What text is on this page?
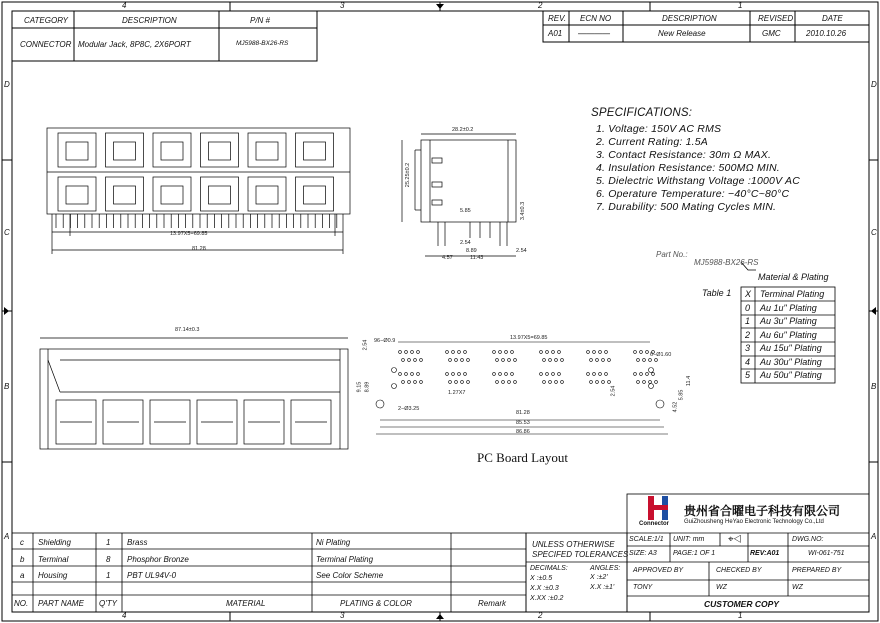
4	3	2	1
4	3	2	1
D
C
B
A
D
C
B
A
CATEGORY	DESCRIPTION	P/N #
CONNECTOR Modular Jack, 8P8C, 2X6PORT	MJ5988-BX26-RS
REV. ECN NO	DESCRIPTION	REVISED	DATE
A01 ————	New Release	GMC	2010.10.26
SPECIFICATIONS:
1. Voltage: 150V AC RMS
2. Current Rating: 1.5A
3. Contact Resistance: 30m Ω MAX.
4. Insulation Resistance: 500MΩ MIN.
5. Dielectric Withstang Voltage :1000V AC
6. Operature Temperature: −40°C~80°C
7. Durability: 500 Mating Cycles MIN.
Part No.:
MJ5988-BX26-RS
Material & Plating
Table 1 X Terminal Plating
0 Au 1u" Plating
1 Au 3u" Plating
2 Au 6u" Plating
3 Au 15u" Plating
4 Au 30u" Plating
5 Au 50u" Plating
13.97X5=69.85
81.28
28.2±0.2
25.25±0.2
5.85	3.4±0.3
2.54
8.89
4.57	11.43
2.54
87.14±0.3
13.97X5=69.85
96−Ø0.9
6−Ø1.60
2−Ø3.25
2.54
9.15 8.89
1.27X7	2.54
81.28
85.53
86.86
11.4
5.85
4.52
PC Board Layout
c Shielding	1 Brass	Ni Plating
b Terminal	8 Phosphor Bronze	Terminal Plating
a Housing	1 PBT UL94V-0	See Color Scheme
NO. PART NAME Q'TY	MATERIAL	PLATING & COLOR	Remark
UNLESS OTHERWISE
SPECIFED TOLERANCES
DECIMALS:	ANGLES:
X :±0.5
X.X :±0.3
X.XX :±0.2
X :±2'
X.X :±1'
Connector
贵州省合曜电子科技有限公司
GuiZhousheng HeYao Electronic Technology Co.,Ltd
SCALE:1/1 UNIT: mm ⌖◁	DWG.NO:
SIZE: A3 PAGE:1 OF 1	REV:A01	WI-061-751
APPROVED BY	CHECKED BY	PREPARED BY
TONY	WZ	WZ
CUSTOMER COPY
